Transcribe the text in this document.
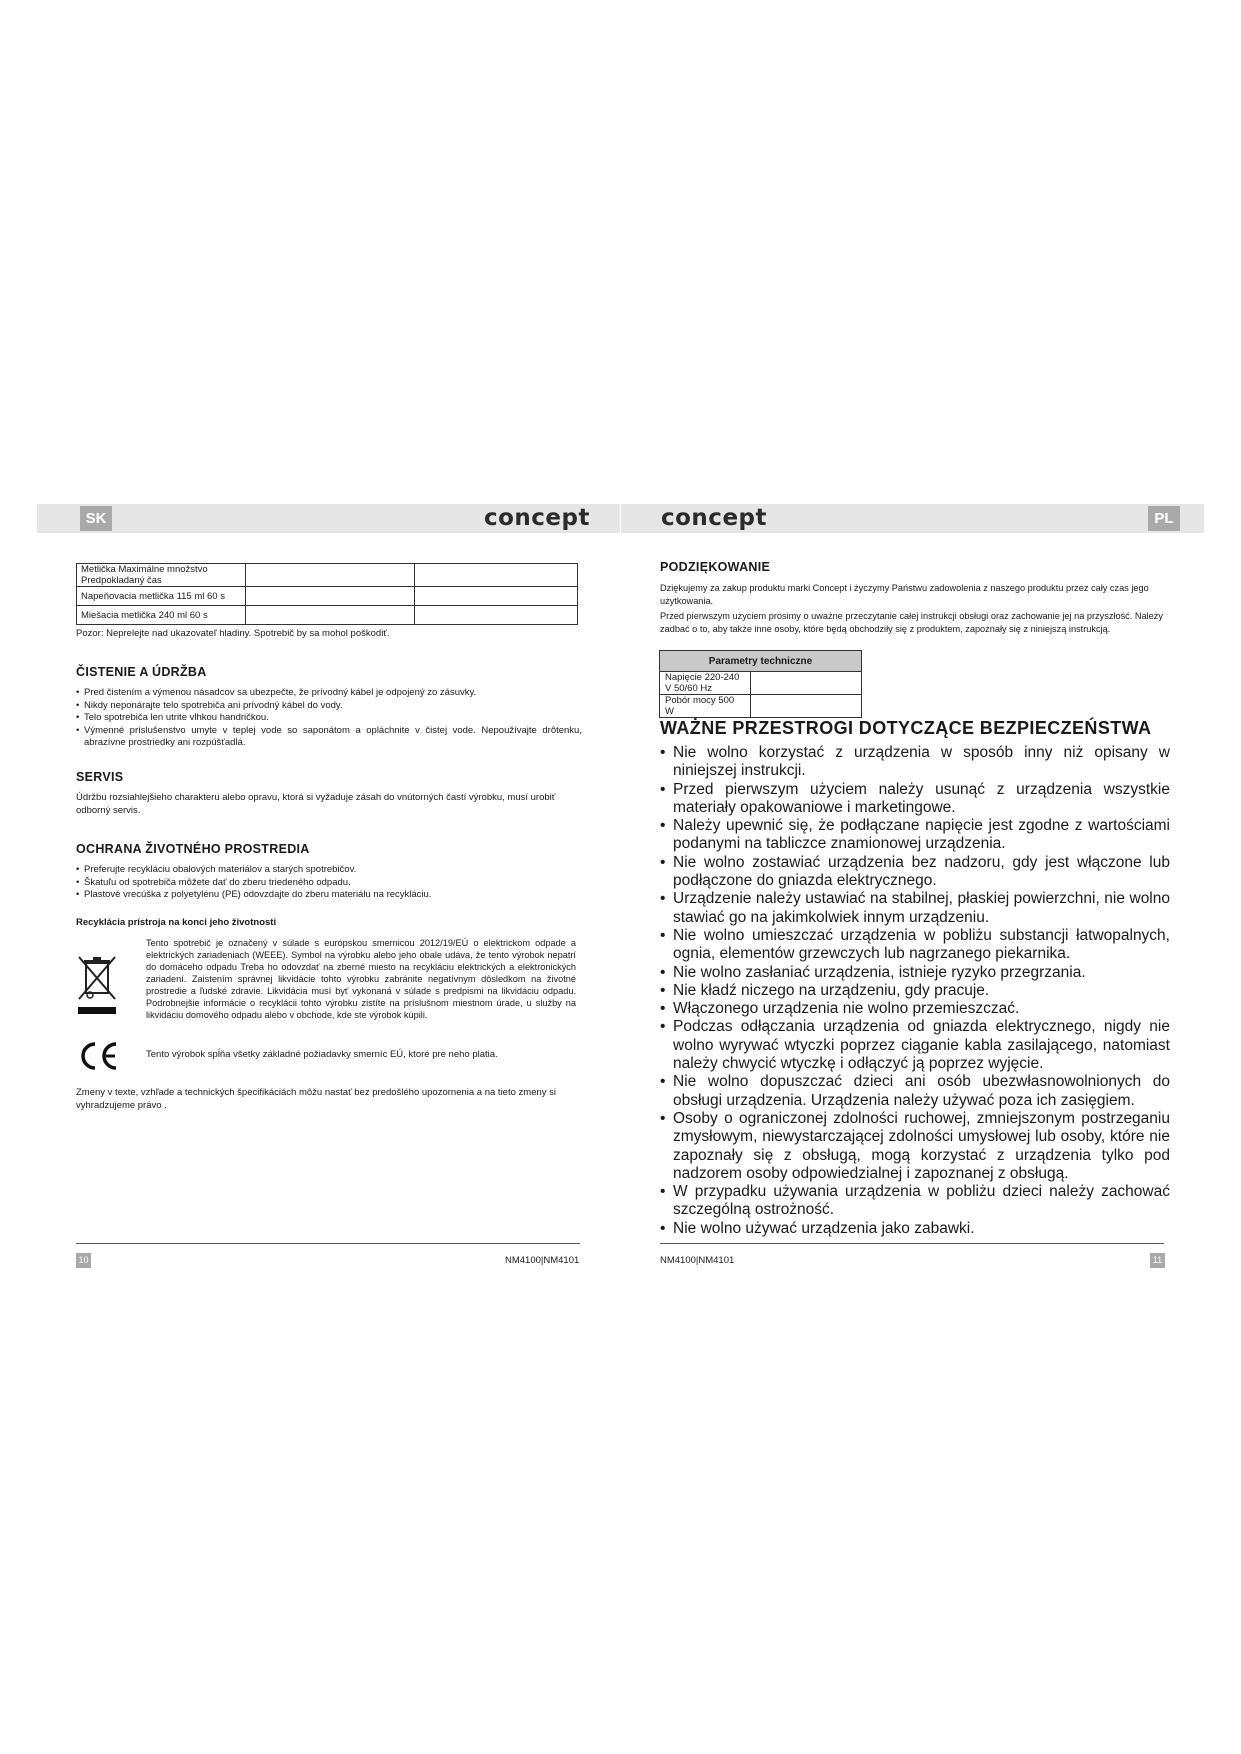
SK	concept	concept	PL
Metlička Maximálne množstvo Predpokladaný čas		
Napeňovacia metlička 115 ml 60 s		
Miešacia metlička 240 ml 60 s		
Pozor: Neprelejte nad ukazovateľ hladiny. Spotrebič by sa mohol poškodiť.
ČISTENIE A ÚDRŽBA
• Pred čistením a výmenou násadcov sa ubezpečte, že prívodný kábel je odpojený zo zásuvky.
• Nikdy neponárajte telo spotrebiča ani prívodný kábel do vody.
• Telo spotrebiča len utrite vlhkou handričkou.
• Výmenné príslušenstvo umyte v teplej vode so saponátom a opláchnite v čistej vode. Nepoužívajte drôtenku, abrazívne prostriedky ani rozpúšťadlá.
SERVIS
Údržbu rozsiahlejšieho charakteru alebo opravu, ktorá si vyžaduje zásah do vnútorných častí výrobku, musí urobiť odborný servis.
OCHRANA ŽIVOTNÉHO PROSTREDIA
• Preferujte recykláciu obalových materiálov a starých spotrebičov.
• Škatuľu od spotrebiča môžete dať do zberu triedeného odpadu.
• Plastové vrecúška z polyetylénu (PE) odovzdajte do zberu materiálu na recykláciu.
Recyklácia prístroja na konci jeho životnosti
Tento spotrebič je označený v súlade s európskou smernicou 2012/19/EÚ o elektrickom odpade a elektrických zariadeniach (WEEE). Symbol na výrobku alebo jeho obale udáva, že tento výrobok nepatrí do domáceho odpadu Treba ho odovzdať na zberné miesto na recykláciu elektrických a elektronických zariadení. Zaistením správnej likvidácie tohto výrobku zabránite negatívnym dôsledkom na životné prostredie a ľudské zdravie. Likvidácia musí byť vykonaná v súlade s predpismi na likvidáciu odpadu. Podrobnejšie informácie o recyklácii tohto výrobku zistíte na príslušnom miestnom úrade, u služby na likvidáciu domového odpadu alebo v obchode, kde ste výrobok kúpili.
Tento výrobok spĺňa všetky základné požiadavky smerníc EÚ, ktoré pre neho platia.
Zmeny v texte, vzhľade a technických špecifikáciách môžu nastať bez predošlého upozornenia a na tieto zmeny si vyhradzujeme právo .
PODZIĘKOWANIE
Dziękujemy za zakup produktu marki Concept i życzymy Państwu zadowolenia z naszego produktu przez cały czas jego użytkowania.
Przed pierwszym użyciem prosimy o uważne przeczytanie całej instrukcji obsługi oraz zachowanie jej na przyszłość. Należy zadbać o to, aby także inne osoby, które będą obchodziły się z produktem, zapoznały się z niniejszą instrukcją.
Parametry techniczne	
Napięcie 220-240 V 50/60 Hz	
Pobór mocy 500 W	
WAŻNE PRZESTROGI DOTYCZĄCE BEZPIECZEŃSTWA
• Nie wolno korzystać z urządzenia w sposób inny niż opisany w niniejszej instrukcji.
• Przed pierwszym użyciem należy usunąć z urządzenia wszystkie materiały opakowaniowe i marketingowe.
• Należy upewnić się, że podłączane napięcie jest zgodne z wartościami podanymi na tabliczce znamionowej urządzenia.
• Nie wolno zostawiać urządzenia bez nadzoru, gdy jest włączone lub podłączone do gniazda elektrycznego.
• Urządzenie należy ustawiać na stabilnej, płaskiej powierzchni, nie wolno stawiać go na jakimkolwiek innym urządzeniu.
• Nie wolno umieszczać urządzenia w pobliżu substancji łatwopalnych, ognia, elementów grzewczych lub nagrzanego piekarnika.
• Nie wolno zasłaniać urządzenia, istnieje ryzyko przegrzania.
• Nie kładź niczego na urządzeniu, gdy pracuje.
• Włączonego urządzenia nie wolno przemieszczać.
• Podczas odłączania urządzenia od gniazda elektrycznego, nigdy nie wolno wyrywać wtyczki poprzez ciąganie kabla zasilającego, natomiast należy chwycić wtyczkę i odłączyć ją poprzez wyjęcie.
• Nie wolno dopuszczać dzieci ani osób ubezwłasnowolnionych do obsługi urządzenia. Urządzenia należy używać poza ich zasięgiem.
• Osoby o ograniczonej zdolności ruchowej, zmniejszonym postrzeganiu zmysłowym, niewystarczającej zdolności umysłowej lub osoby, które nie zapoznały się z obsługą, mogą korzystać z urządzenia tylko pod nadzorem osoby odpowiedzialnej i zapoznanej z obsługą.
• W przypadku używania urządzenia w pobliżu dzieci należy zachować szczególną ostrożność.
• Nie wolno używać urządzenia jako zabawki.
10	NM4100|NM4101	NM4100|NM4101	11
